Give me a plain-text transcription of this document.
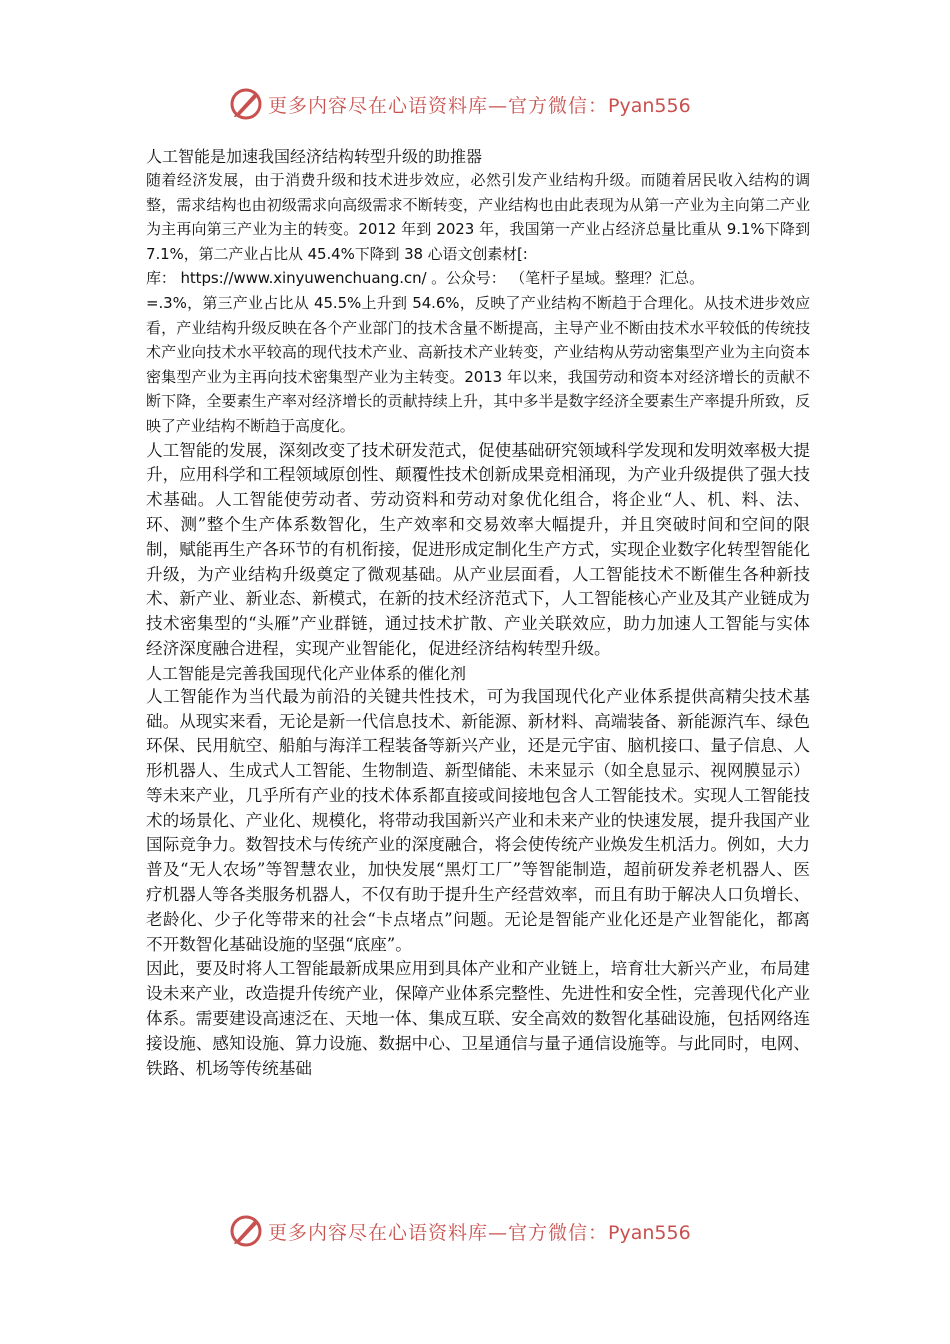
更多内容尽在心语资料库—官方微信：Pyan556

人工智能是加速我国经济结构转型升级的助推器

随着经济发展，由于消费升级和技术进步效应，必然引发产业结构升级。而随着居民收入结构的调整，需求结构也由初级需求向高级需求不断转变，产业结构也由此表现为从第一产业为主向第二产业为主再向第三产业为主的转变。2012 年到 2023 年，我国第一产业占经济总量比重从 9.1%下降到 7.1%，第二产业占比从 45.4%下降到 38 心语文创素材[:

库： https://www.xinyuwenchuang.cn/ 。公众号： （笔杆子星域。整理？汇总。

=.3%，第三产业占比从 45.5%上升到 54.6%，反映了产业结构不断趋于合理化。从技术进步效应看，产业结构升级反映在各个产业部门的技术含量不断提高，主导产业不断由技术水平较低的传统技术产业向技术水平较高的现代技术产业、高新技术产业转变，产业结构从劳动密集型产业为主向资本密集型产业为主再向技术密集型产业为主转变。2013 年以来，我国劳动和资本对经济增长的贡献不断下降，全要素生产率对经济增长的贡献持续上升，其中多半是数字经济全要素生产率提升所致，反映了产业结构不断趋于高度化。

人工智能的发展，深刻改变了技术研发范式，促使基础研究领域科学发现和发明效率极大提升，应用科学和工程领域原创性、颠覆性技术创新成果竞相涌现，为产业升级提供了强大技术基础。人工智能使劳动者、劳动资料和劳动对象优化组合，将企业“人、机、料、法、环、测”整个生产体系数智化，生产效率和交易效率大幅提升，并且突破时间和空间的限制，赋能再生产各环节的有机衔接，促进形成定制化生产方式，实现企业数字化转型智能化升级，为产业结构升级奠定了微观基础。从产业层面看，人工智能技术不断催生各种新技术、新产业、新业态、新模式，在新的技术经济范式下，人工智能核心产业及其产业链成为技术密集型的“头雁”产业群链，通过技术扩散、产业关联效应，助力加速人工智能与实体经济深度融合进程，实现产业智能化，促进经济结构转型升级。

人工智能是完善我国现代化产业体系的催化剂

人工智能作为当代最为前沿的关键共性技术，可为我国现代化产业体系提供高精尖技术基础。从现实来看，无论是新一代信息技术、新能源、新材料、高端装备、新能源汽车、绿色环保、民用航空、船舶与海洋工程装备等新兴产业，还是元宇宙、脑机接口、量子信息、人形机器人、生成式人工智能、生物制造、新型储能、未来显示（如全息显示、视网膜显示）等未来产业，几乎所有产业的技术体系都直接或间接地包含人工智能技术。实现人工智能技术的场景化、产业化、规模化，将带动我国新兴产业和未来产业的快速发展，提升我国产业国际竞争力。数智技术与传统产业的深度融合，将会使传统产业焕发生机活力。例如，大力普及“无人农场”等智慧农业，加快发展“黑灯工厂”等智能制造，超前研发养老机器人、医疗机器人等各类服务机器人，不仅有助于提升生产经营效率，而且有助于解决人口负增长、老龄化、少子化等带来的社会“卡点堵点”问题。无论是智能产业化还是产业智能化，都离不开数智化基础设施的坚强“底座”。

因此，要及时将人工智能最新成果应用到具体产业和产业链上，培育壮大新兴产业，布局建设未来产业，改造提升传统产业，保障产业体系完整性、先进性和安全性，完善现代化产业体系。需要建设高速泛在、天地一体、集成互联、安全高效的数智化基础设施，包括网络连接设施、感知设施、算力设施、数据中心、卫星通信与量子通信设施等。与此同时，电网、铁路、机场等传统基础

更多内容尽在心语资料库—官方微信：Pyan556
